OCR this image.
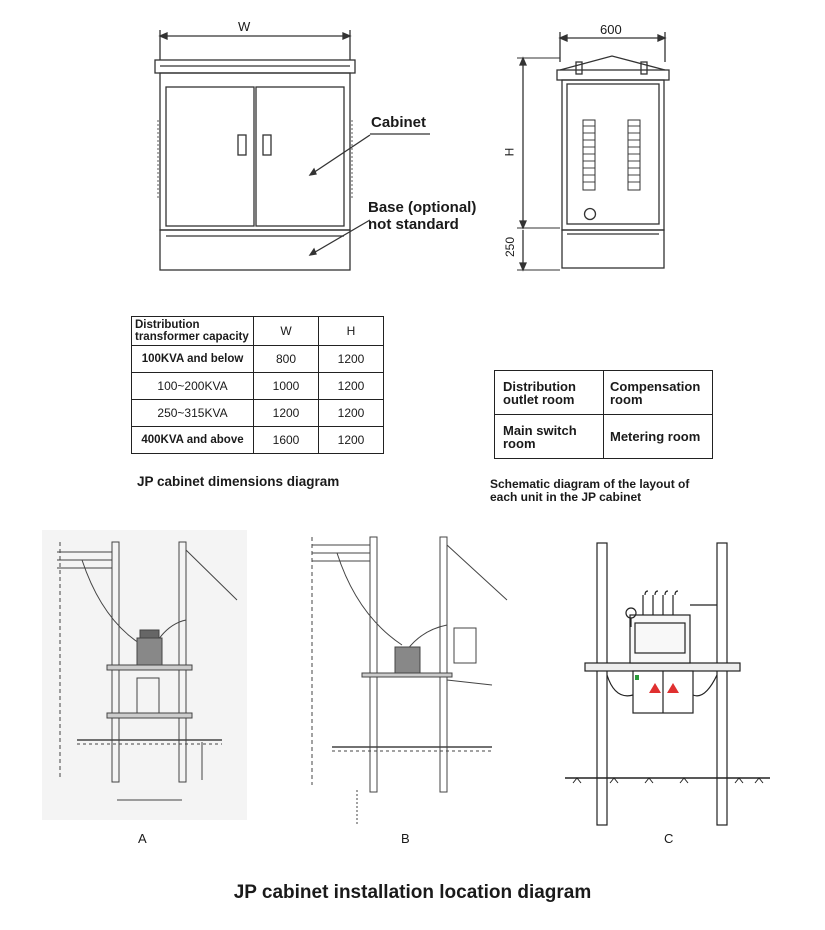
W
Cabinet
Base (optional)
not standard
600
H
250
Distribution transformer capacity	W	H
100KVA and below	800	1200
100~200KVA	1000	1200
250~315KVA	1200	1200
400KVA and above	1600	1200
JP cabinet dimensions diagram
Distribution outlet room	Compensation room
Main switch room	Metering room
Schematic diagram of the layout of
each unit in the JP cabinet
A	B	C
JP cabinet installation location diagram
